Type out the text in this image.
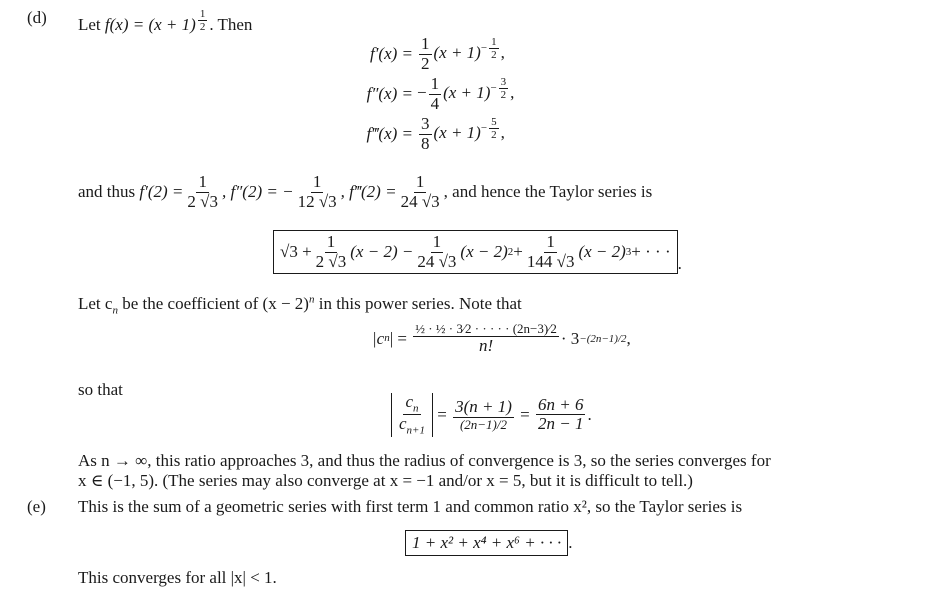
(d) Let f(x) = (x + 1) $^{\frac{1}{2}}$ . Then
$f'(x) = \frac{1}{2} (x + 1)^{- \frac{1}{2}}$ ,
f″(x) = − $\frac{1}{4} (x + 1)^{- \frac{3}{2}}$ ,
f‴(x) = $\frac{3}{8} (x + 1)^{- \frac{5}{2}}$ ,
and thus
$f'(2) = \frac{1}{2 √3}$ , f″(2) = − $\frac{1}{12 √3}$ , f‴(2) = $\frac{1}{24 √3}$ , and hence the Taylor series is
$√3 + \frac{1}{2 √3} (x - 2) - \frac{1}{24 √3} (x - 2) 2 + \frac{1}{144 √3} (x - 2) 3$ + · · ·
.
Let $c_n$ be the coefficient of $(x - 2)^n$ in this power series. Note that
|c n | =
$\frac{\text{½ · ½ · 3⁄2 · · · · · (2n−3)⁄2}}{n!} \cdot 3 -(2n-1)/2$ ,
so that
$\frac{c_n}{c_{n+1}}$
=
$\frac{3(n + 1)}{(2n-1)/2}$
=
$\frac{6n + 6}{2n - 1}$ .
As n → ∞, this ratio approaches 3, and thus the radius of convergence is 3, so the series converges for
x ∈ (−1, 5). (The series may also converge at x = −1 and/or x = 5, but it is difficult to tell.)
(e) This is the sum of a geometric series with first term 1 and common ratio x², so the Taylor series is
1 + x² + x⁴ + x⁶ + · · · .
This converges for all |x| < 1.
